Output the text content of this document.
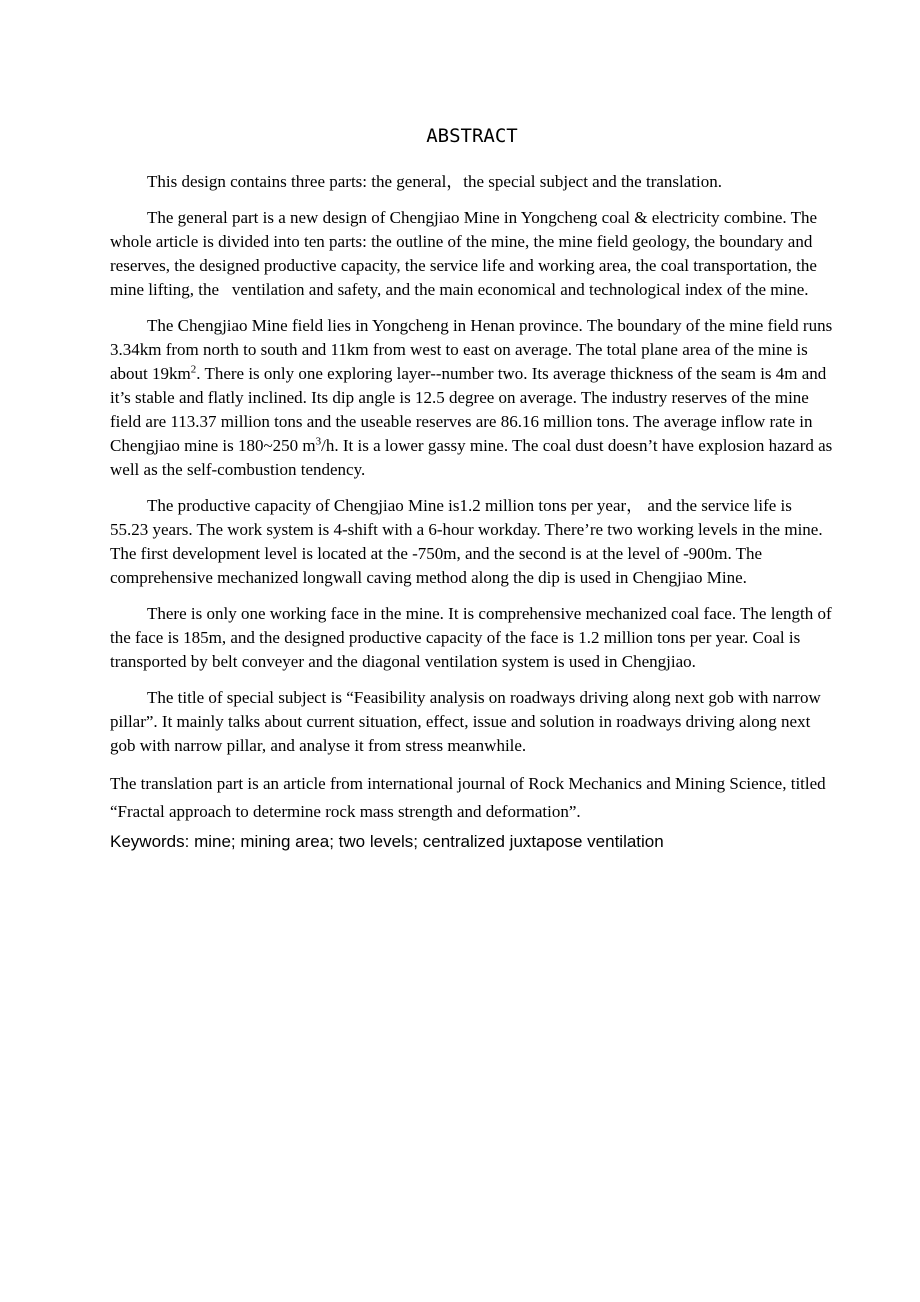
ABSTRACT

This design contains three parts: the general，the special subject and the translation.

The general part is a new design of Chengjiao Mine in Yongcheng coal & electricity combine. The whole article is divided into ten parts: the outline of the mine, the mine field geology, the boundary and reserves, the designed productive capacity, the service life and working area, the coal transportation, the mine lifting, the   ventilation and safety, and the main economical and technological index of the mine.

The Chengjiao Mine field lies in Yongcheng in Henan province. The boundary of the mine field runs 3.34km from north to south and 11km from west to east on average. The total plane area of the mine is about $19km^2$. There is only one exploring layer--number two. Its average thickness of the seam is 4m and it’s stable and flatly inclined. Its dip angle is 12.5 degree on average. The industry reserves of the mine field are 113.37 million tons and the useable reserves are 86.16 million tons. The average inflow rate in Chengjiao mine is 180~250 $m^3/h$. It is a lower gassy mine. The coal dust doesn’t have explosion hazard as well as the self-combustion tendency.

The productive capacity of Chengjiao Mine is1.2 million tons per year， and the service life is 55.23 years. The work system is 4-shift with a 6-hour workday. There’re two working levels in the mine. The first development level is located at the -750m, and the second is at the level of -900m. The comprehensive mechanized longwall caving method along the dip is used in Chengjiao Mine.

There is only one working face in the mine. It is comprehensive mechanized coal face. The length of the face is 185m, and the designed productive capacity of the face is 1.2 million tons per year. Coal is transported by belt conveyer and the diagonal ventilation system is used in Chengjiao.

The title of special subject is “Feasibility analysis on roadways driving along next gob with narrow pillar”. It mainly talks about current situation, effect, issue and solution in roadways driving along next gob with narrow pillar, and analyse it from stress meanwhile.

The translation part is an article from international journal of Rock Mechanics and Mining Science, titled “Fractal approach to determine rock mass strength and deformation”.

Keywords: mine; mining area; two levels; centralized juxtapose ventilation
